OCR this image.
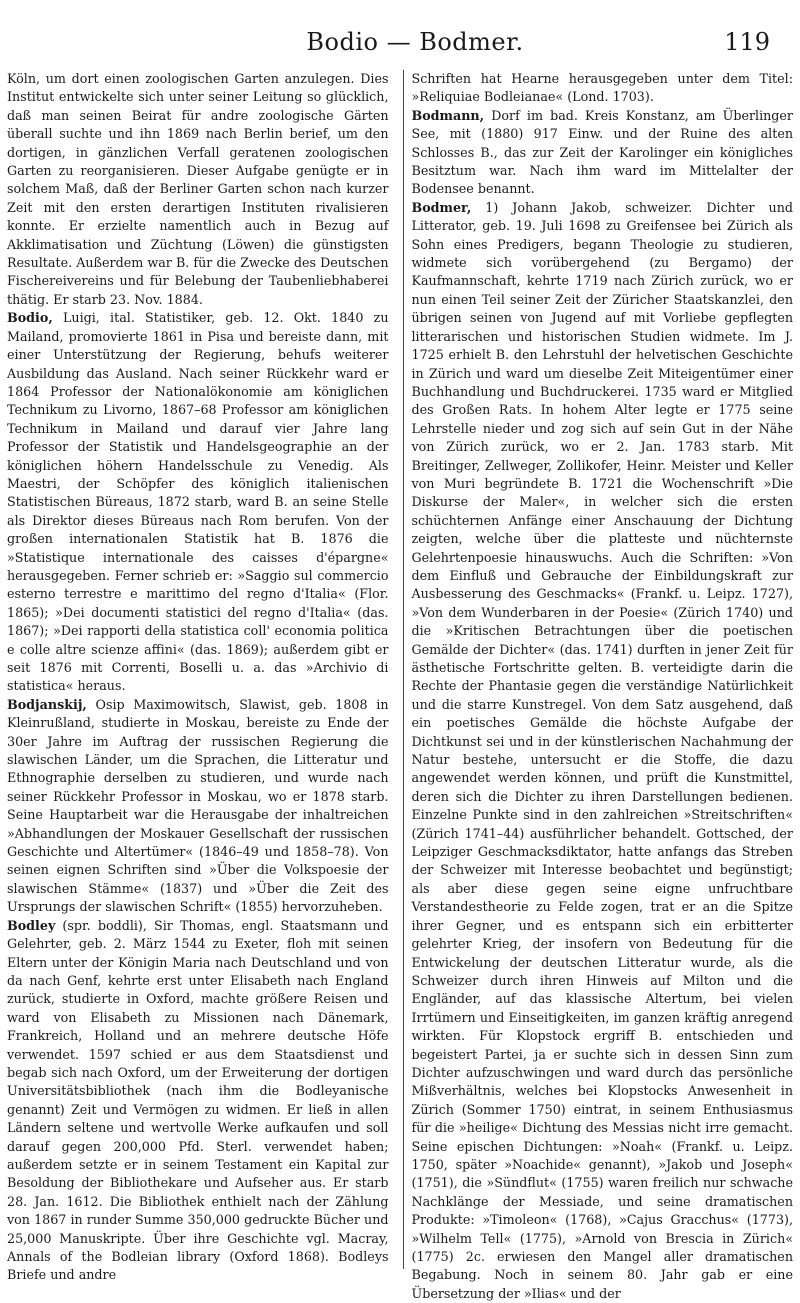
Bodio — Bodmer.	119

Köln, um dort einen zoologischen Garten anzulegen. Dies Institut entwickelte sich unter seiner Leitung so glücklich, daß man seinen Beirat für andre zoologische Gärten überall suchte und ihn 1869 nach Berlin berief, um den dortigen, in gänzlichen Verfall geratenen zoologischen Garten zu reorganisieren. Dieser Aufgabe genügte er in solchem Maß, daß der Berliner Garten schon nach kurzer Zeit mit den ersten derartigen Instituten rivalisieren konnte. Er erzielte namentlich auch in Bezug auf Akklimatisation und Züchtung (Löwen) die günstigsten Resultate. Außerdem war B. für die Zwecke des Deutschen Fischereivereins und für Belebung der Taubenliebhaberei thätig. Er starb 23. Nov. 1884.

Bodio, Luigi, ital. Statistiker, geb. 12. Okt. 1840 zu Mailand, promovierte 1861 in Pisa und bereiste dann, mit einer Unterstützung der Regierung, behufs weiterer Ausbildung das Ausland. Nach seiner Rückkehr ward er 1864 Professor der Nationalökonomie am königlichen Technikum zu Livorno, 1867–68 Professor am königlichen Technikum in Mailand und darauf vier Jahre lang Professor der Statistik und Handelsgeographie an der königlichen höhern Handelsschule zu Venedig. Als Maestri, der Schöpfer des königlich italienischen Statistischen Büreaus, 1872 starb, ward B. an seine Stelle als Direktor dieses Büreaus nach Rom berufen. Von der großen internationalen Statistik hat B. 1876 die »Statistique internationale des caisses d'épargne« herausgegeben. Ferner schrieb er: »Saggio sul commercio esterno terrestre e marittimo del regno d'Italia« (Flor. 1865); »Dei documenti statistici del regno d'Italia« (das. 1867); »Dei rapporti della statistica coll' economia politica e colle altre scienze affini« (das. 1869); außerdem gibt er seit 1876 mit Correnti, Boselli u. a. das »Archivio di statistica« heraus.

Bodjanskij, Osip Maximowitsch, Slawist, geb. 1808 in Kleinrußland, studierte in Moskau, bereiste zu Ende der 30er Jahre im Auftrag der russischen Regierung die slawischen Länder, um die Sprachen, die Litteratur und Ethnographie derselben zu studieren, und wurde nach seiner Rückkehr Professor in Moskau, wo er 1878 starb. Seine Hauptarbeit war die Herausgabe der inhaltreichen »Abhandlungen der Moskauer Gesellschaft der russischen Geschichte und Altertümer« (1846–49 und 1858–78). Von seinen eignen Schriften sind »Über die Volkspoesie der slawischen Stämme« (1837) und »Über die Zeit des Ursprungs der slawischen Schrift« (1855) hervorzuheben.

Bodley (spr. boddli), Sir Thomas, engl. Staatsmann und Gelehrter, geb. 2. März 1544 zu Exeter, floh mit seinen Eltern unter der Königin Maria nach Deutschland und von da nach Genf, kehrte erst unter Elisabeth nach England zurück, studierte in Oxford, machte größere Reisen und ward von Elisabeth zu Missionen nach Dänemark, Frankreich, Holland und an mehrere deutsche Höfe verwendet. 1597 schied er aus dem Staatsdienst und begab sich nach Oxford, um der Erweiterung der dortigen Universitätsbibliothek (nach ihm die Bodleyanische genannt) Zeit und Vermögen zu widmen. Er ließ in allen Ländern seltene und wertvolle Werke aufkaufen und soll darauf gegen 200,000 Pfd. Sterl. verwendet haben; außerdem setzte er in seinem Testament ein Kapital zur Besoldung der Bibliothekare und Aufseher aus. Er starb 28. Jan. 1612. Die Bibliothek enthielt nach der Zählung von 1867 in runder Summe 350,000 gedruckte Bücher und 25,000 Manuskripte. Über ihre Geschichte vgl. Macray, Annals of the Bodleian library (Oxford 1868). Bodleys Briefe und andre

Schriften hat Hearne herausgegeben unter dem Titel: »Reliquiae Bodleianae« (Lond. 1703).

Bodmann, Dorf im bad. Kreis Konstanz, am Überlinger See, mit (1880) 917 Einw. und der Ruine des alten Schlosses B., das zur Zeit der Karolinger ein königliches Besitztum war. Nach ihm ward im Mittelalter der Bodensee benannt.

Bodmer, 1) Johann Jakob, schweizer. Dichter und Litterator, geb. 19. Juli 1698 zu Greifensee bei Zürich als Sohn eines Predigers, begann Theologie zu studieren, widmete sich vorübergehend (zu Bergamo) der Kaufmannschaft, kehrte 1719 nach Zürich zurück, wo er nun einen Teil seiner Zeit der Züricher Staatskanzlei, den übrigen seinen von Jugend auf mit Vorliebe gepflegten litterarischen und historischen Studien widmete. Im J. 1725 erhielt B. den Lehrstuhl der helvetischen Geschichte in Zürich und ward um dieselbe Zeit Miteigentümer einer Buchhandlung und Buchdruckerei. 1735 ward er Mitglied des Großen Rats. In hohem Alter legte er 1775 seine Lehrstelle nieder und zog sich auf sein Gut in der Nähe von Zürich zurück, wo er 2. Jan. 1783 starb. Mit Breitinger, Zellweger, Zollikofer, Heinr. Meister und Keller von Muri begründete B. 1721 die Wochenschrift »Die Diskurse der Maler«, in welcher sich die ersten schüchternen Anfänge einer Anschauung der Dichtung zeigten, welche über die platteste und nüchternste Gelehrtenpoesie hinauswuchs. Auch die Schriften: »Von dem Einfluß und Gebrauche der Einbildungskraft zur Ausbesserung des Geschmacks« (Frankf. u. Leipz. 1727), »Von dem Wunderbaren in der Poesie« (Zürich 1740) und die »Kritischen Betrachtungen über die poetischen Gemälde der Dichter« (das. 1741) durften in jener Zeit für ästhetische Fortschritte gelten. B. verteidigte darin die Rechte der Phantasie gegen die verständige Natürlichkeit und die starre Kunstregel. Von dem Satz ausgehend, daß ein poetisches Gemälde die höchste Aufgabe der Dichtkunst sei und in der künstlerischen Nachahmung der Natur bestehe, untersucht er die Stoffe, die dazu angewendet werden können, und prüft die Kunstmittel, deren sich die Dichter zu ihren Darstellungen bedienen. Einzelne Punkte sind in den zahlreichen »Streitschriften« (Zürich 1741–44) ausführlicher behandelt. Gottsched, der Leipziger Geschmacksdiktator, hatte anfangs das Streben der Schweizer mit Interesse beobachtet und begünstigt; als aber diese gegen seine eigne unfruchtbare Verstandestheorie zu Felde zogen, trat er an die Spitze ihrer Gegner, und es entspann sich ein erbitterter gelehrter Krieg, der insofern von Bedeutung für die Entwickelung der deutschen Litteratur wurde, als die Schweizer durch ihren Hinweis auf Milton und die Engländer, auf das klassische Altertum, bei vielen Irrtümern und Einseitigkeiten, im ganzen kräftig anregend wirkten. Für Klopstock ergriff B. entschieden und begeistert Partei, ja er suchte sich in dessen Sinn zum Dichter aufzuschwingen und ward durch das persönliche Mißverhältnis, welches bei Klopstocks Anwesenheit in Zürich (Sommer 1750) eintrat, in seinem Enthusiasmus für die »heilige« Dichtung des Messias nicht irre gemacht. Seine epischen Dichtungen: »Noah« (Frankf. u. Leipz. 1750, später »Noachide« genannt), »Jakob und Joseph« (1751), die »Sündflut« (1755) waren freilich nur schwache Nachklänge der Messiade, und seine dramatischen Produkte: »Timoleon« (1768), »Cajus Gracchus« (1773), »Wilhelm Tell« (1775), »Arnold von Brescia in Zürich« (1775) 2c. erwiesen den Mangel aller dramatischen Begabung. Noch in seinem 80. Jahr gab er eine Übersetzung der »Ilias« und der
